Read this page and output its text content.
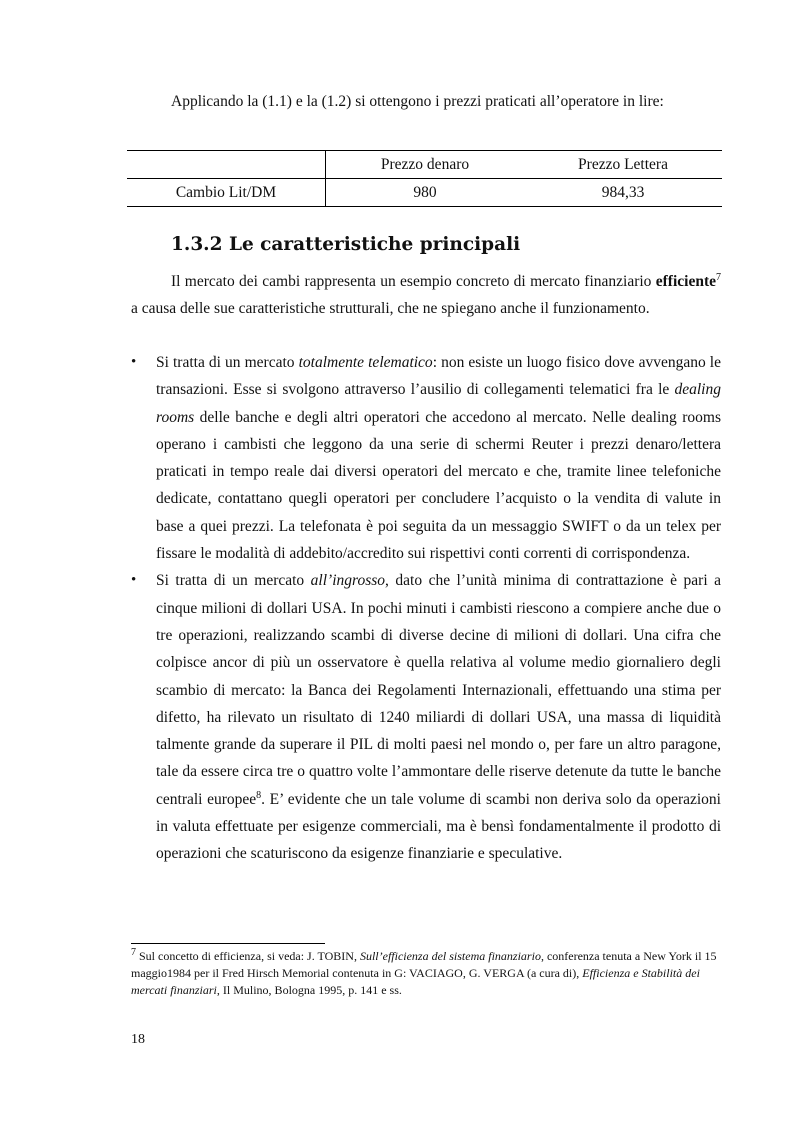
Applicando la (1.1) e la (1.2) si ottengono i prezzi praticati all’operatore in lire:
	Prezzo denaro	Prezzo Lettera
Cambio Lit/DM	980	984,33
1.3.2 Le caratteristiche principali
Il mercato dei cambi rappresenta un esempio concreto di mercato finanziario efficiente$^7$ a causa delle sue caratteristiche strutturali, che ne spiegano anche il funzionamento.
• Si tratta di un mercato totalmente telematico: non esiste un luogo fisico dove avvengano le transazioni. Esse si svolgono attraverso l’ausilio di collegamenti telematici fra le dealing rooms delle banche e degli altri operatori che accedono al mercato. Nelle dealing rooms operano i cambisti che leggono da una serie di schermi Reuter i prezzi denaro/lettera praticati in tempo reale dai diversi operatori del mercato e che, tramite linee telefoniche dedicate, contattano quegli operatori per concludere l’acquisto o la vendita di valute in base a quei prezzi. La telefonata è poi seguita da un messaggio SWIFT o da un telex per fissare le modalità di addebito/accredito sui rispettivi conti correnti di corrispondenza.
• Si tratta di un mercato all’ingrosso, dato che l’unità minima di contrattazione è pari a cinque milioni di dollari USA. In pochi minuti i cambisti riescono a compiere anche due o tre operazioni, realizzando scambi di diverse decine di milioni di dollari. Una cifra che colpisce ancor di più un osservatore è quella relativa al volume medio giornaliero degli scambio di mercato: la Banca dei Regolamenti Internazionali, effettuando una stima per difetto, ha rilevato un risultato di 1240 miliardi di dollari USA, una massa di liquidità talmente grande da superare il PIL di molti paesi nel mondo o, per fare un altro paragone, tale da essere circa tre o quattro volte l’ammontare delle riserve detenute da tutte le banche centrali europee$^8$. E’ evidente che un tale volume di scambi non deriva solo da operazioni in valuta effettuate per esigenze commerciali, ma è bensì fondamentalmente il prodotto di operazioni che scaturiscono da esigenze finanziarie e speculative.
$^7$ Sul concetto di efficienza, si veda: J. TOBIN, Sull’efficienza del sistema finanziario, conferenza tenuta a New York il 15 maggio1984 per il Fred Hirsch Memorial contenuta in G: VACIAGO, G. VERGA (a cura di), Efficienza e Stabilità dei mercati finanziari, Il Mulino, Bologna 1995, p. 141 e ss.
18
